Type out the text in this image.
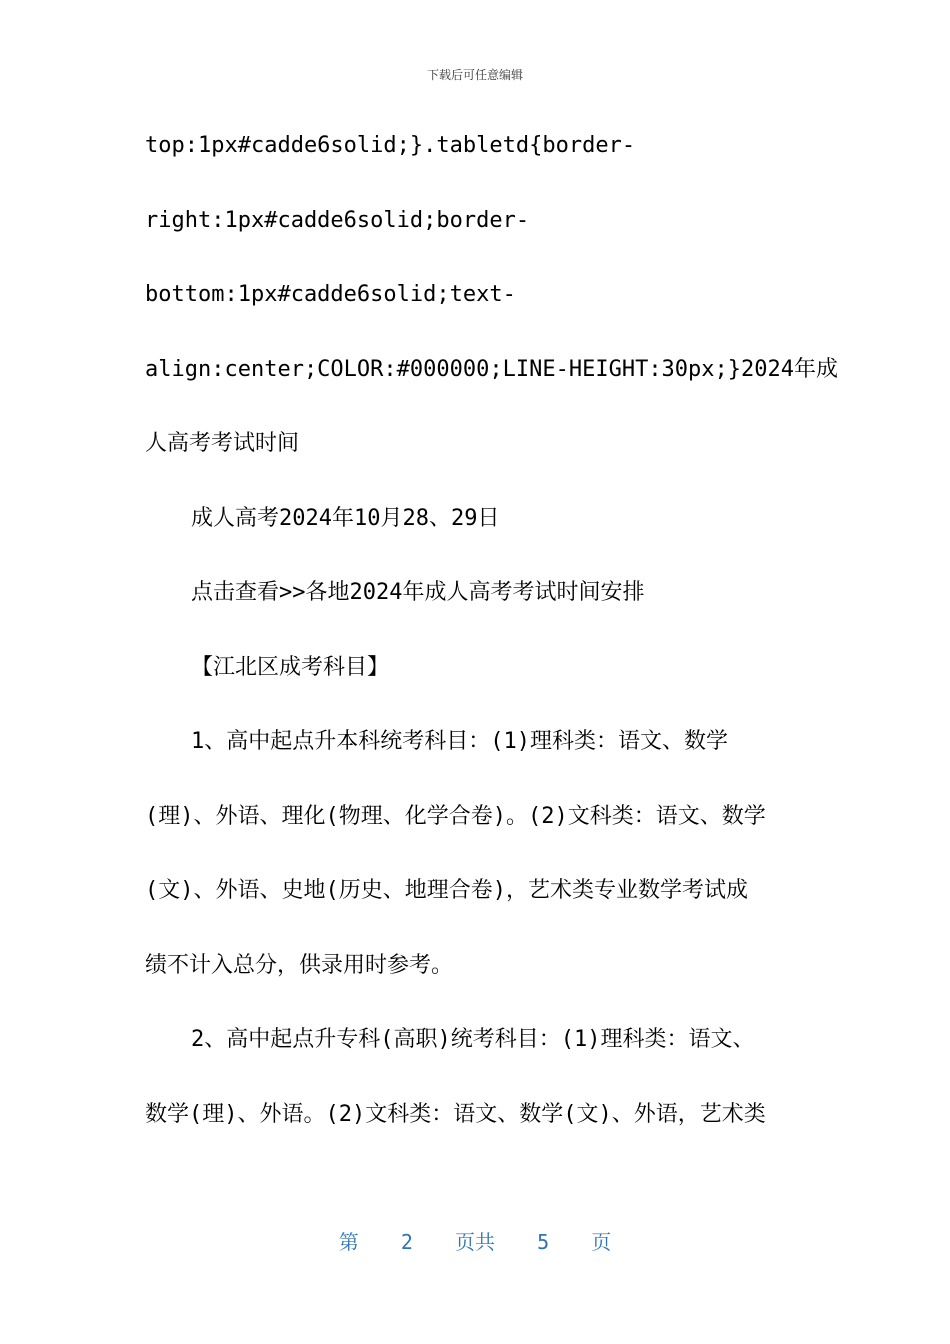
下载后可任意编辑
top:1px#cadde6solid;}.tabletd{border-
right:1px#cadde6solid;border-
bottom:1px#cadde6solid;text-
align:center;COLOR:#000000;LINE-HEIGHT:30px;}2024年成
人高考考试时间
成人高考2024年10月28、29日
点击查看>>各地2024年成人高考考试时间安排
【江北区成考科目】
1、高中起点升本科统考科目：(1)理科类：语文、数学
(理)、外语、理化(物理、化学合卷)。(2)文科类：语文、数学
(文)、外语、史地(历史、地理合卷)，艺术类专业数学考试成
绩不计入总分，供录用时参考。
2、高中起点升专科(高职)统考科目：(1)理科类：语文、
数学(理)、外语。(2)文科类：语文、数学(文)、外语，艺术类
第 2 页共 5 页
